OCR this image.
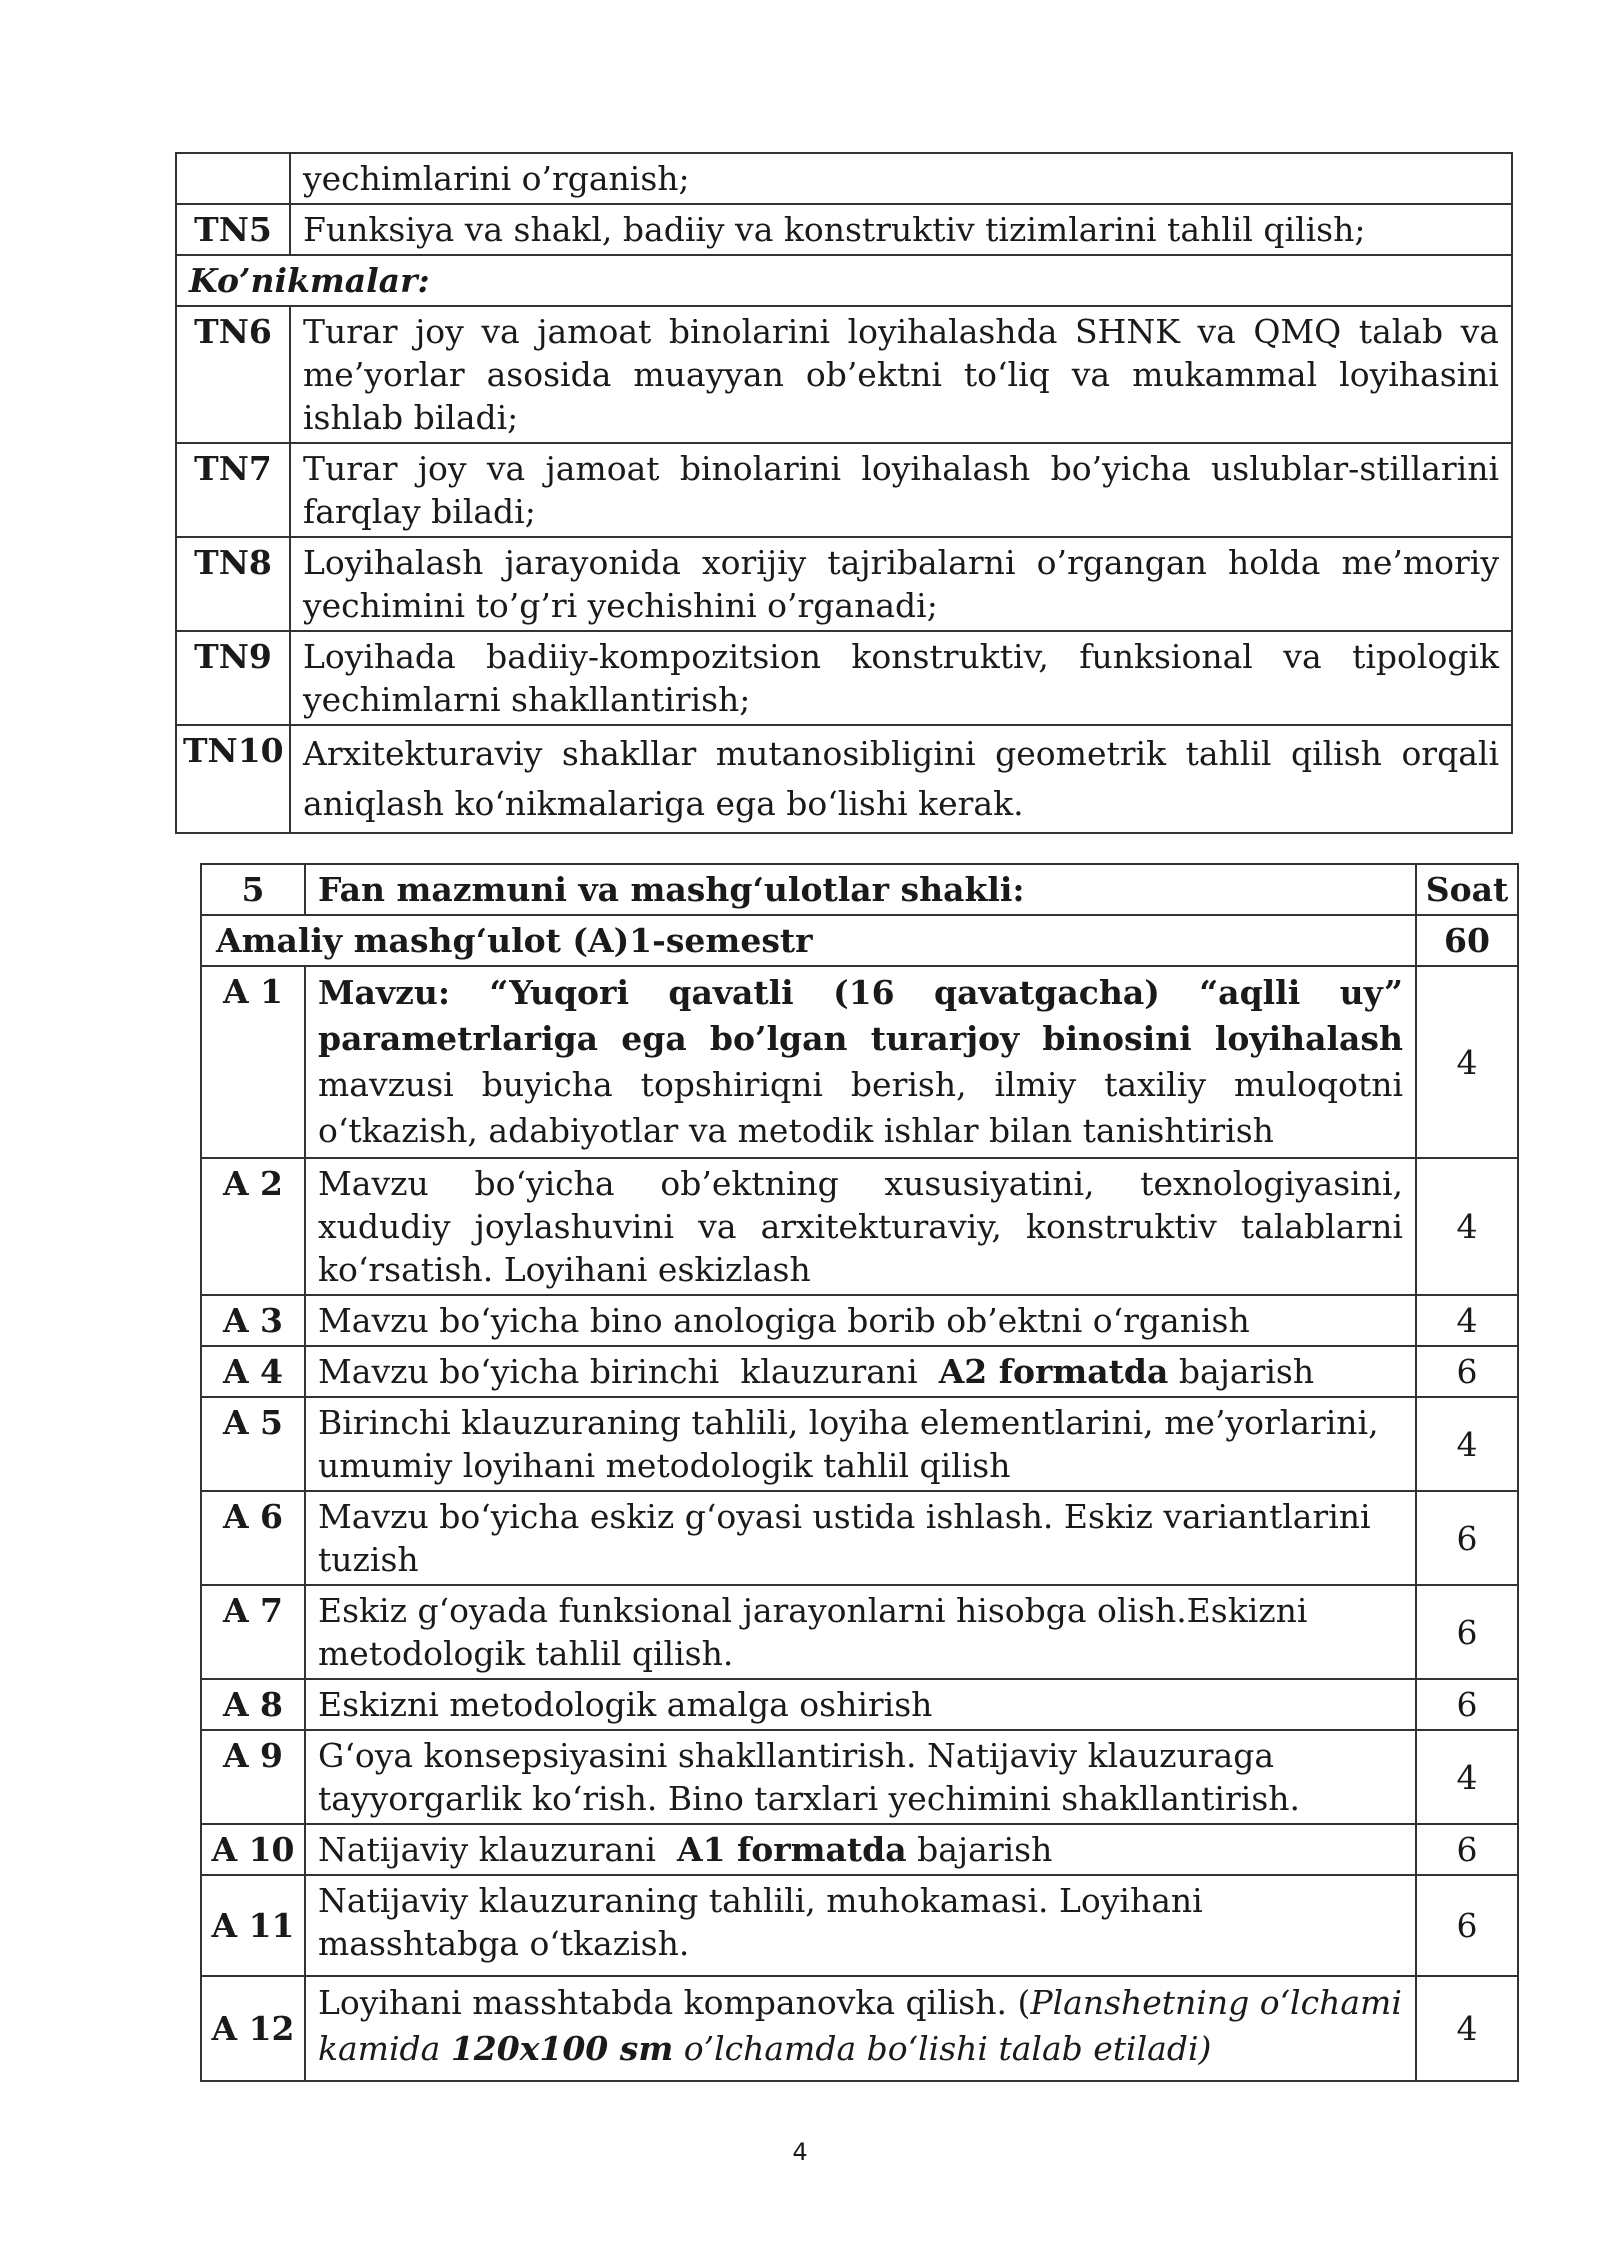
	yechimlarini o’rganish;
TN5	Funksiya va shakl, badiiy va konstruktiv tizimlarini tahlil qilish;
Ko’nikmalar:	
TN6	Turar joy va jamoat binolarini loyihalashda SHNK va QMQ talab va me’yorlar asosida muayyan ob’ektni to‘liq va mukammal loyihasini ishlab biladi;
TN7	Turar joy va jamoat binolarini loyihalash bo’yicha uslublar-stillarini farqlay biladi;
TN8	Loyihalash jarayonida xorijiy tajribalarni o’rgangan holda me’moriy yechimini to’g’ri yechishini o’rganadi;
TN9	Loyihada badiiy-kompozitsion konstruktiv, funksional va tipologik yechimlarni shakllantirish;
TN10	Arxitekturaviy shakllar mutanosibligini geometrik tahlil qilish orqali aniqlash ko‘nikmalariga ega bo‘lishi kerak.
5	Fan mazmuni va mashg‘ulotlar shakli:	Soat
Amaliy mashg‘ulot (A)1-semestr		60
A 1	Mavzu: “Yuqori qavatli (16 qavatgacha) “aqlli uy” parametrlariga ega bo’lgan turarjoy binosini loyihalash mavzusi buyicha topshiriqni berish, ilmiy taxiliy muloqotni o‘tkazish, adabiyotlar va metodik ishlar bilan tanishtirish	4
A 2	Mavzu bo‘yicha ob’ektning xususiyatini, texnologiyasini, xududiy joylashuvini va arxitekturaviy, konstruktiv talablarni ko‘rsatish. Loyihani eskizlash	4
A 3	Mavzu bo‘yicha bino anologiga borib ob’ektni o‘rganish	4
A 4	Mavzu bo‘yicha birinchi  klauzurani  A2 formatda bajarish	6
A 5	Birinchi klauzuraning tahlili, loyiha elementlarini, me’yorlarini, umumiy loyihani metodologik tahlil qilish	4
A 6	Mavzu bo‘yicha eskiz g‘oyasi ustida ishlash. Eskiz variantlarini tuzish	6
A 7	Eskiz g‘oyada funksional jarayonlarni hisobga olish.Eskizni metodologik tahlil qilish.	6
A 8	Eskizni metodologik amalga oshirish	6
A 9	G‘oya konsepsiyasini shakllantirish. Natijaviy klauzuraga tayyorgarlik ko‘rish. Bino tarxlari yechimini shakllantirish.	4
A 10	Natijaviy klauzurani  A1 formatda bajarish	6
A 11	Natijaviy klauzuraning tahlili, muhokamasi. Loyihani masshtabga o‘tkazish.	6
A 12	Loyihani masshtabda kompanovka qilish. (Planshetning o‘lchami kamida 120x100 sm o’lchamda bo‘lishi talab etiladi)	4
4
